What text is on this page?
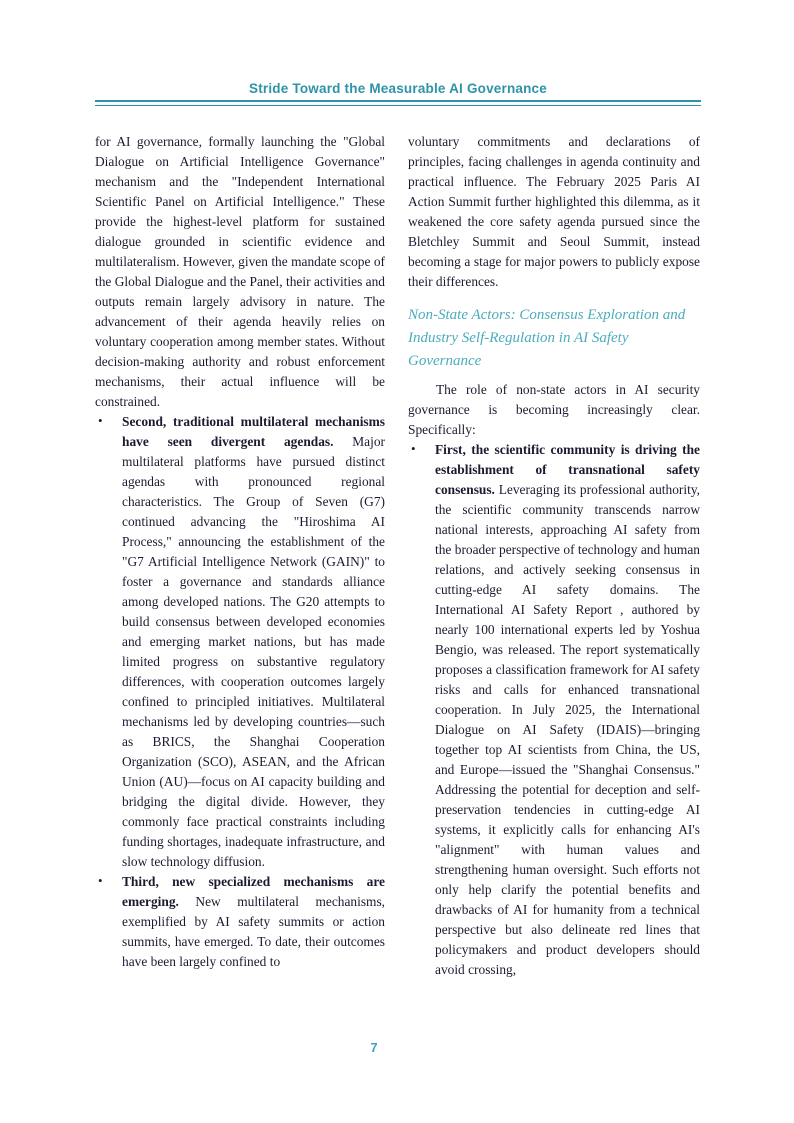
Stride Toward the Measurable AI Governance

for AI governance, formally launching the "Global Dialogue on Artificial Intelligence Governance" mechanism and the "Independent International Scientific Panel on Artificial Intelligence." These provide the highest-level platform for sustained dialogue grounded in scientific evidence and multilateralism. However, given the mandate scope of the Global Dialogue and the Panel, their activities and outputs remain largely advisory in nature. The advancement of their agenda heavily relies on voluntary cooperation among member states. Without decision-making authority and robust enforcement mechanisms, their actual influence will be constrained.

• Second, traditional multilateral mechanisms have seen divergent agendas. Major multilateral platforms have pursued distinct agendas with pronounced regional characteristics. The Group of Seven (G7) continued advancing the "Hiroshima AI Process," announcing the establishment of the "G7 Artificial Intelligence Network (GAIN)" to foster a governance and standards alliance among developed nations. The G20 attempts to build consensus between developed economies and emerging market nations, but has made limited progress on substantive regulatory differences, with cooperation outcomes largely confined to principled initiatives. Multilateral mechanisms led by developing countries—such as BRICS, the Shanghai Cooperation Organization (SCO), ASEAN, and the African Union (AU)—focus on AI capacity building and bridging the digital divide. However, they commonly face practical constraints including funding shortages, inadequate infrastructure, and slow technology diffusion.

• Third, new specialized mechanisms are emerging. New multilateral mechanisms, exemplified by AI safety summits or action summits, have emerged. To date, their outcomes have been largely confined to

voluntary commitments and declarations of principles, facing challenges in agenda continuity and practical influence. The February 2025 Paris AI Action Summit further highlighted this dilemma, as it weakened the core safety agenda pursued since the Bletchley Summit and Seoul Summit, instead becoming a stage for major powers to publicly expose their differences.

Non-State Actors: Consensus Exploration and Industry Self-Regulation in AI Safety Governance

The role of non-state actors in AI security governance is becoming increasingly clear. Specifically:

• First, the scientific community is driving the establishment of transnational safety consensus. Leveraging its professional authority, the scientific community transcends narrow national interests, approaching AI safety from the broader perspective of technology and human relations, and actively seeking consensus in cutting-edge AI safety domains. The International AI Safety Report , authored by nearly 100 international experts led by Yoshua Bengio, was released. The report systematically proposes a classification framework for AI safety risks and calls for enhanced transnational cooperation. In July 2025, the International Dialogue on AI Safety (IDAIS)—bringing together top AI scientists from China, the US, and Europe—issued the "Shanghai Consensus." Addressing the potential for deception and self-preservation tendencies in cutting-edge AI systems, it explicitly calls for enhancing AI's "alignment" with human values and strengthening human oversight. Such efforts not only help clarify the potential benefits and drawbacks of AI for humanity from a technical perspective but also delineate red lines that policymakers and product developers should avoid crossing,

7
